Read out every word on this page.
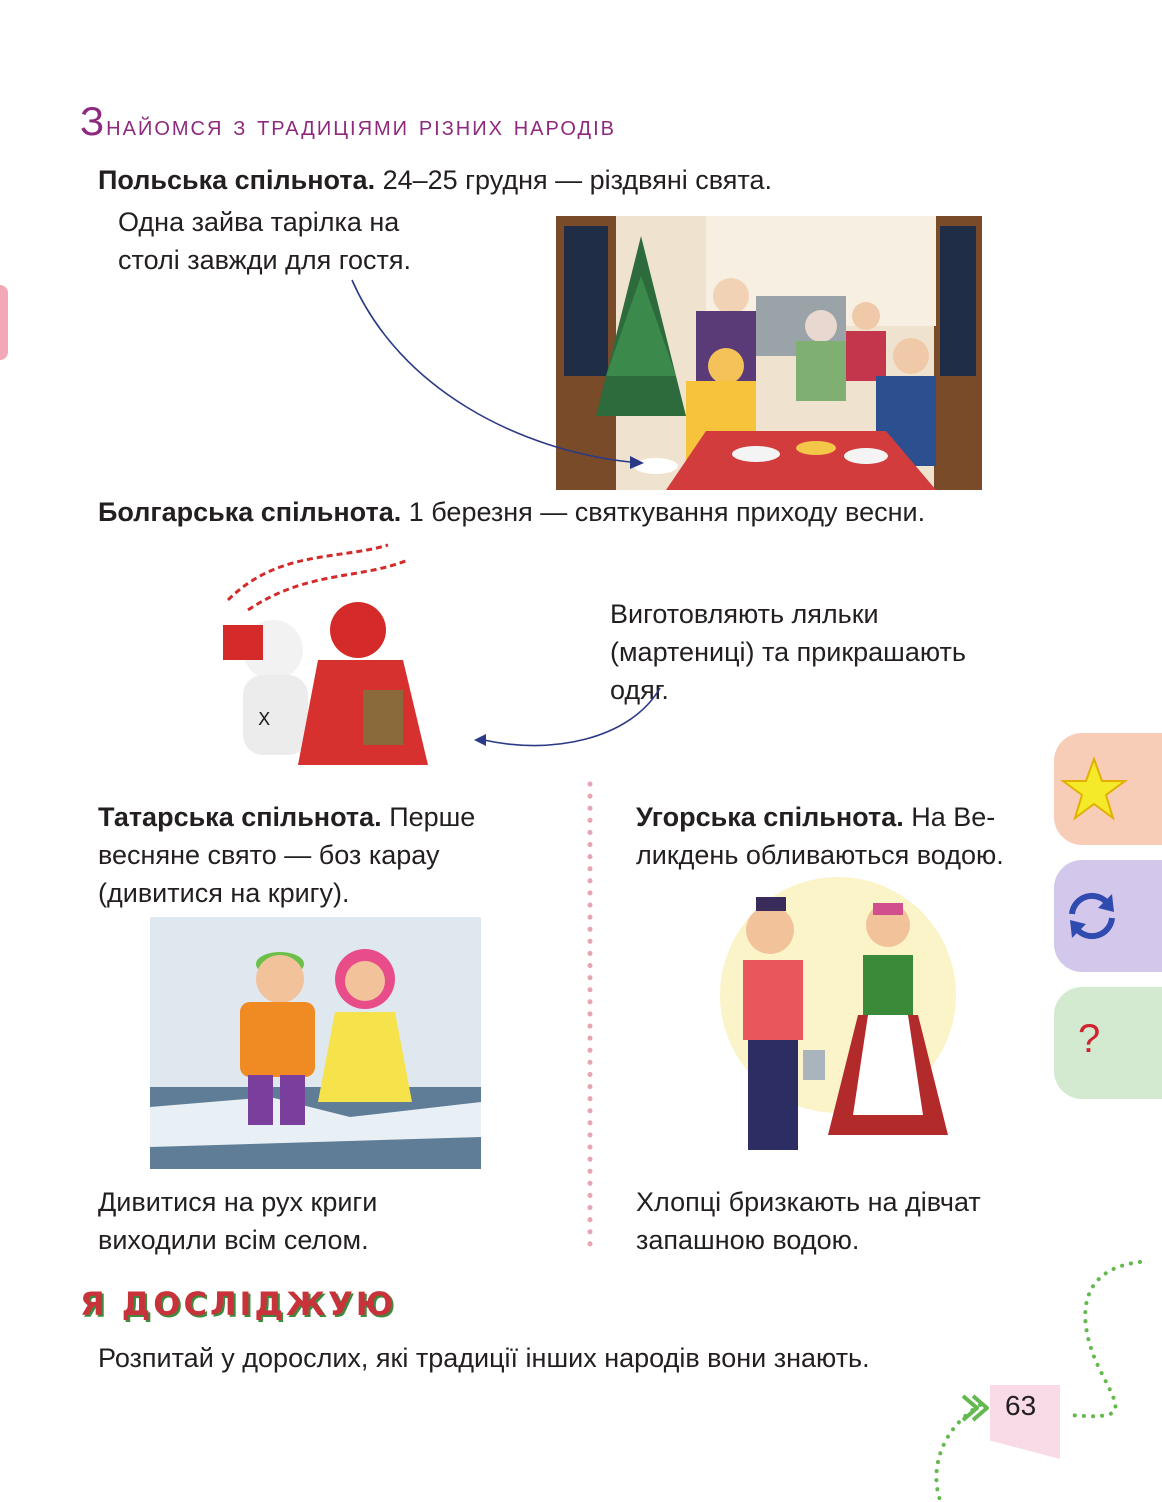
Знайомся з традиціями різних народів
Польська спільнота. 24–25 грудня — різдвяні свята.
Одна зайва тарілка на
столі завжди для гостя.
Болгарська спільнота. 1 березня — святкування приходу весни.
X
Виготовляють ляльки
(мартениці) та прикрашають
одяг.
Татарська спільнота. Перше
весняне свято — боз карау
(дивитися на кригу).
Дивитися на рух криги
виходили всім селом.
Угорська спільнота. На Ве-
ликдень обливаються водою.
Хлопці бризкають на дівчат
запашною водою.
Я ДОСЛІДЖУЮ
Розпитай у дорослих, які традиції інших народів вони знають.
?
63
